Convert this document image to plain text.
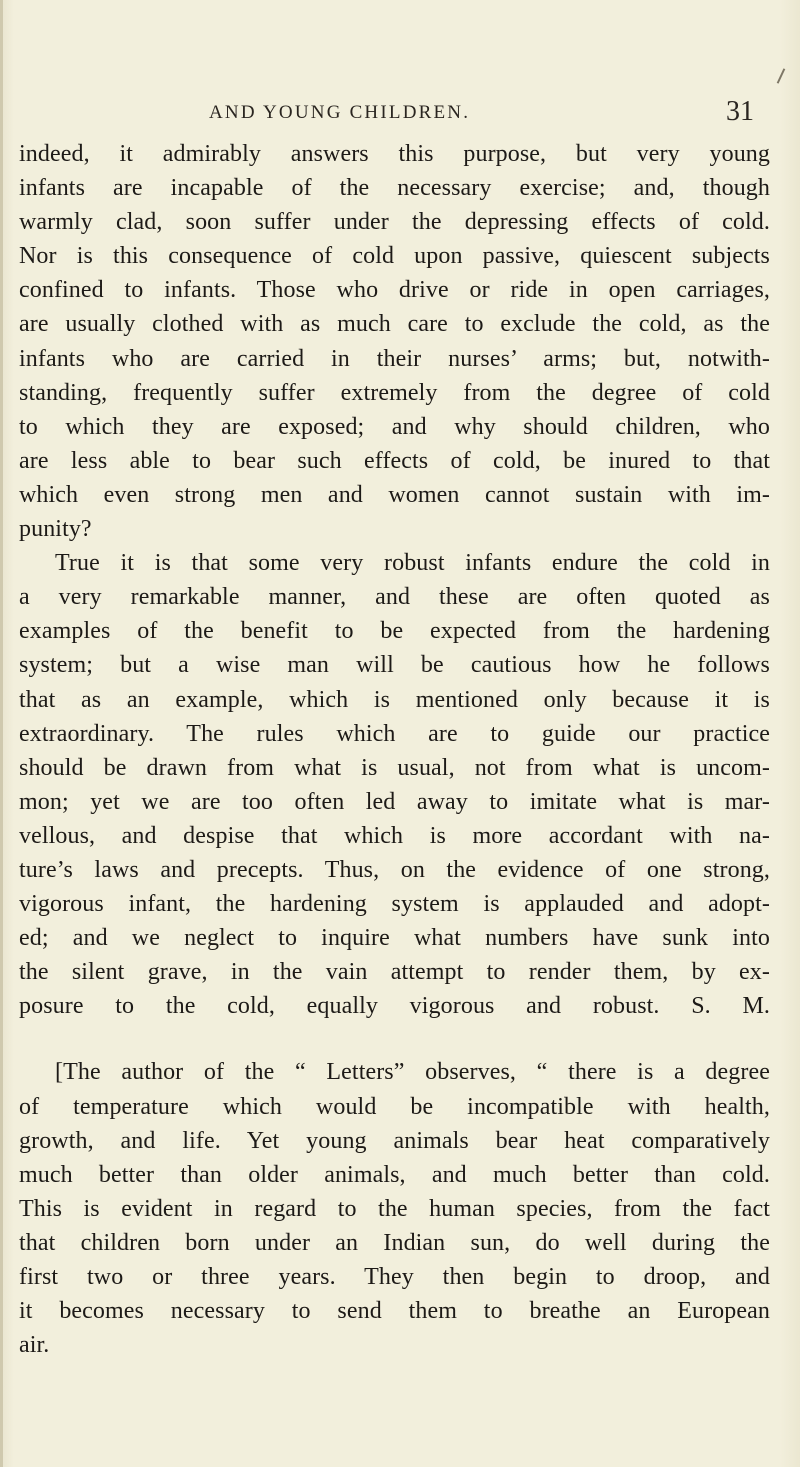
AND YOUNG CHILDREN.	31
indeed, it admirably answers this purpose, but very young
infants are incapable of the necessary exercise; and, though
warmly clad, soon suffer under the depressing effects of cold.
Nor is this consequence of cold upon passive, quiescent subjects
confined to infants. Those who drive or ride in open carriages,
are usually clothed with as much care to exclude the cold, as the
infants who are carried in their nurses’ arms; but, notwith-
standing, frequently suffer extremely from the degree of cold
to which they are exposed; and why should children, who
are less able to bear such effects of cold, be inured to that
which even strong men and women cannot sustain with im-
punity?
True it is that some very robust infants endure the cold in
a very remarkable manner, and these are often quoted as
examples of the benefit to be expected from the hardening
system; but a wise man will be cautious how he follows
that as an example, which is mentioned only because it is
extraordinary. The rules which are to guide our practice
should be drawn from what is usual, not from what is uncom-
mon; yet we are too often led away to imitate what is mar-
vellous, and despise that which is more accordant with na-
ture’s laws and precepts. Thus, on the evidence of one strong,
vigorous infant, the hardening system is applauded and adopt-
ed; and we neglect to inquire what numbers have sunk into
the silent grave, in the vain attempt to render them, by ex-
posure to the cold, equally vigorous and robust. S. M.
[The author of the “ Letters” observes, “ there is a degree
of temperature which would be incompatible with health,
growth, and life. Yet young animals bear heat comparatively
much better than older animals, and much better than cold.
This is evident in regard to the human species, from the fact
that children born under an Indian sun, do well during the
first two or three years. They then begin to droop, and
it becomes necessary to send them to breathe an European
air.
